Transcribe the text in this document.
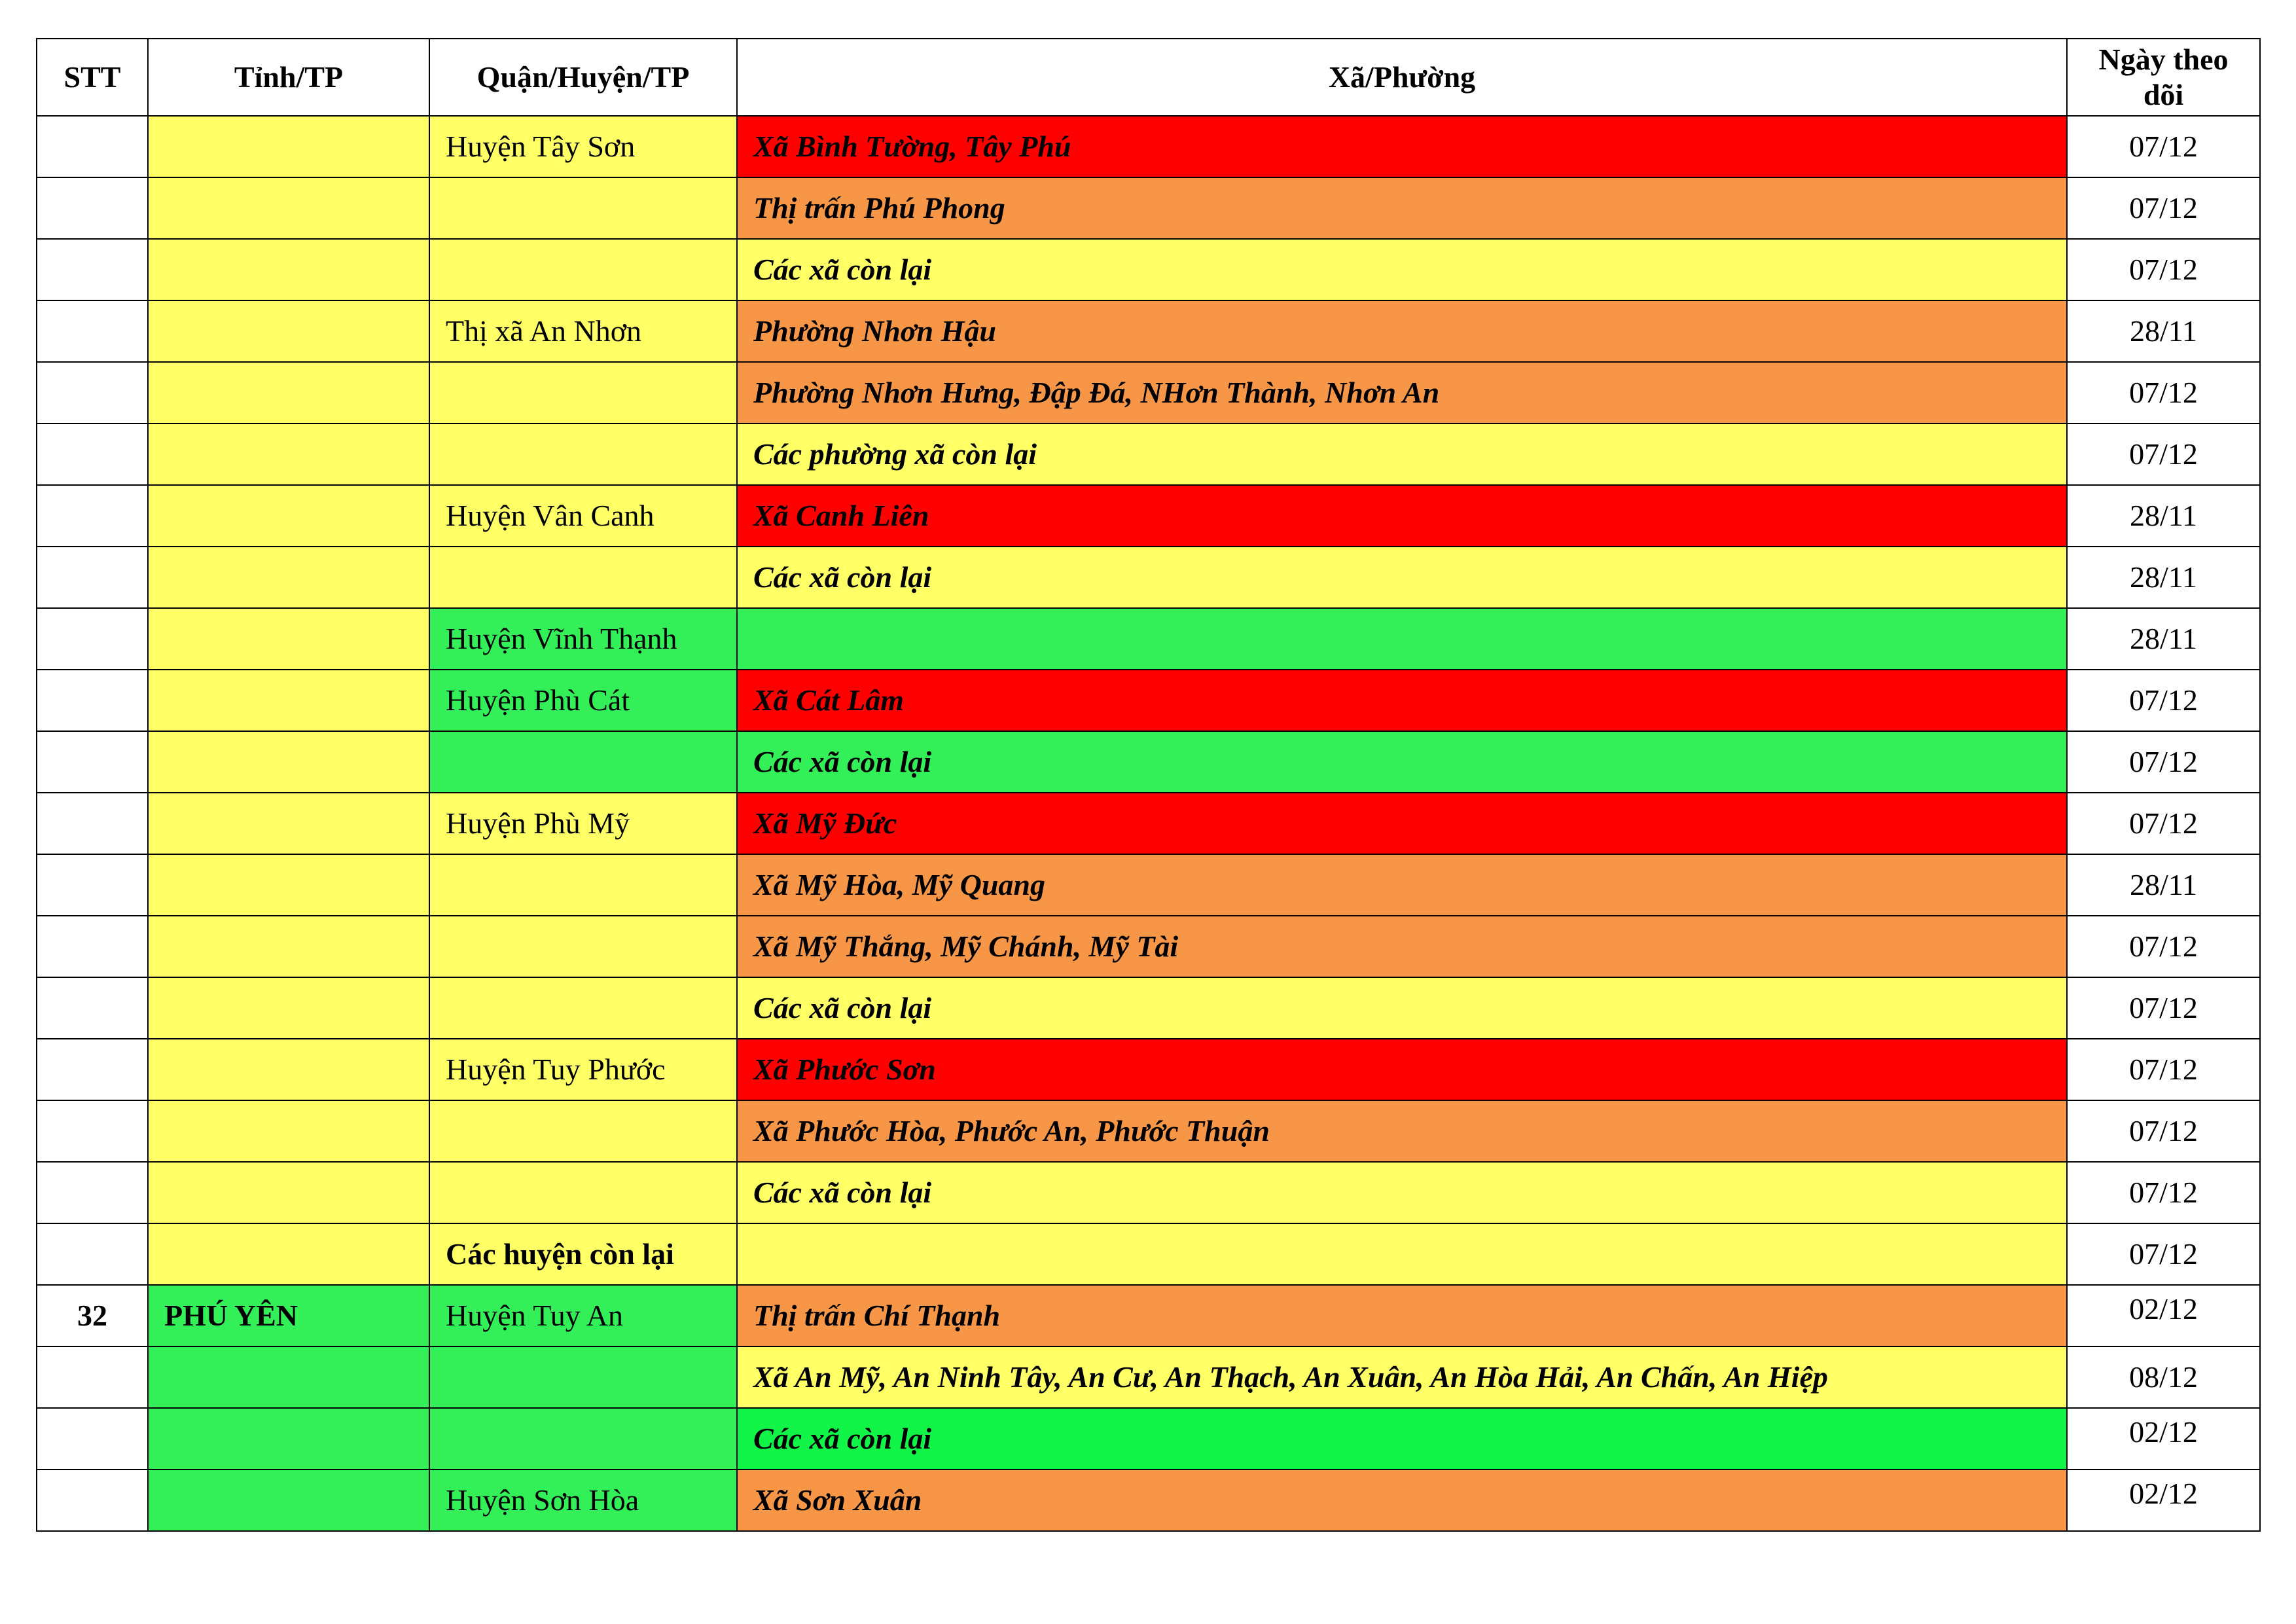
STT	Tỉnh/TP	Quận/Huyện/TP	Xã/Phường	Ngày theo
dõi
		Huyện Tây Sơn	Xã Bình Tường, Tây Phú	07/12
			Thị trấn Phú Phong	07/12
			Các xã còn lại	07/12
		Thị xã An Nhơn	Phường Nhơn Hậu	28/11
			Phường Nhơn Hưng, Đập Đá, NHơn Thành, Nhơn An	07/12
			Các phường xã còn lại	07/12
		Huyện Vân Canh	Xã Canh Liên	28/11
			Các xã còn lại	28/11
		Huyện Vĩnh Thạnh		28/11
		Huyện Phù Cát	Xã Cát Lâm	07/12
			Các xã còn lại	07/12
		Huyện Phù Mỹ	Xã Mỹ Đức	07/12
			Xã Mỹ Hòa, Mỹ Quang	28/11
			Xã Mỹ Thắng, Mỹ Chánh, Mỹ Tài	07/12
			Các xã còn lại	07/12
		Huyện Tuy Phước	Xã Phước Sơn	07/12
			Xã Phước Hòa, Phước An, Phước Thuận	07/12
			Các xã còn lại	07/12
		Các huyện còn lại		07/12
32	PHÚ YÊN	Huyện Tuy An	Thị trấn Chí Thạnh	02/12
			Xã An Mỹ, An Ninh Tây, An Cư, An Thạch, An Xuân, An Hòa Hải, An Chấn, An Hiệp	08/12
			Các xã còn lại	02/12
		Huyện Sơn Hòa	Xã Sơn Xuân	02/12
